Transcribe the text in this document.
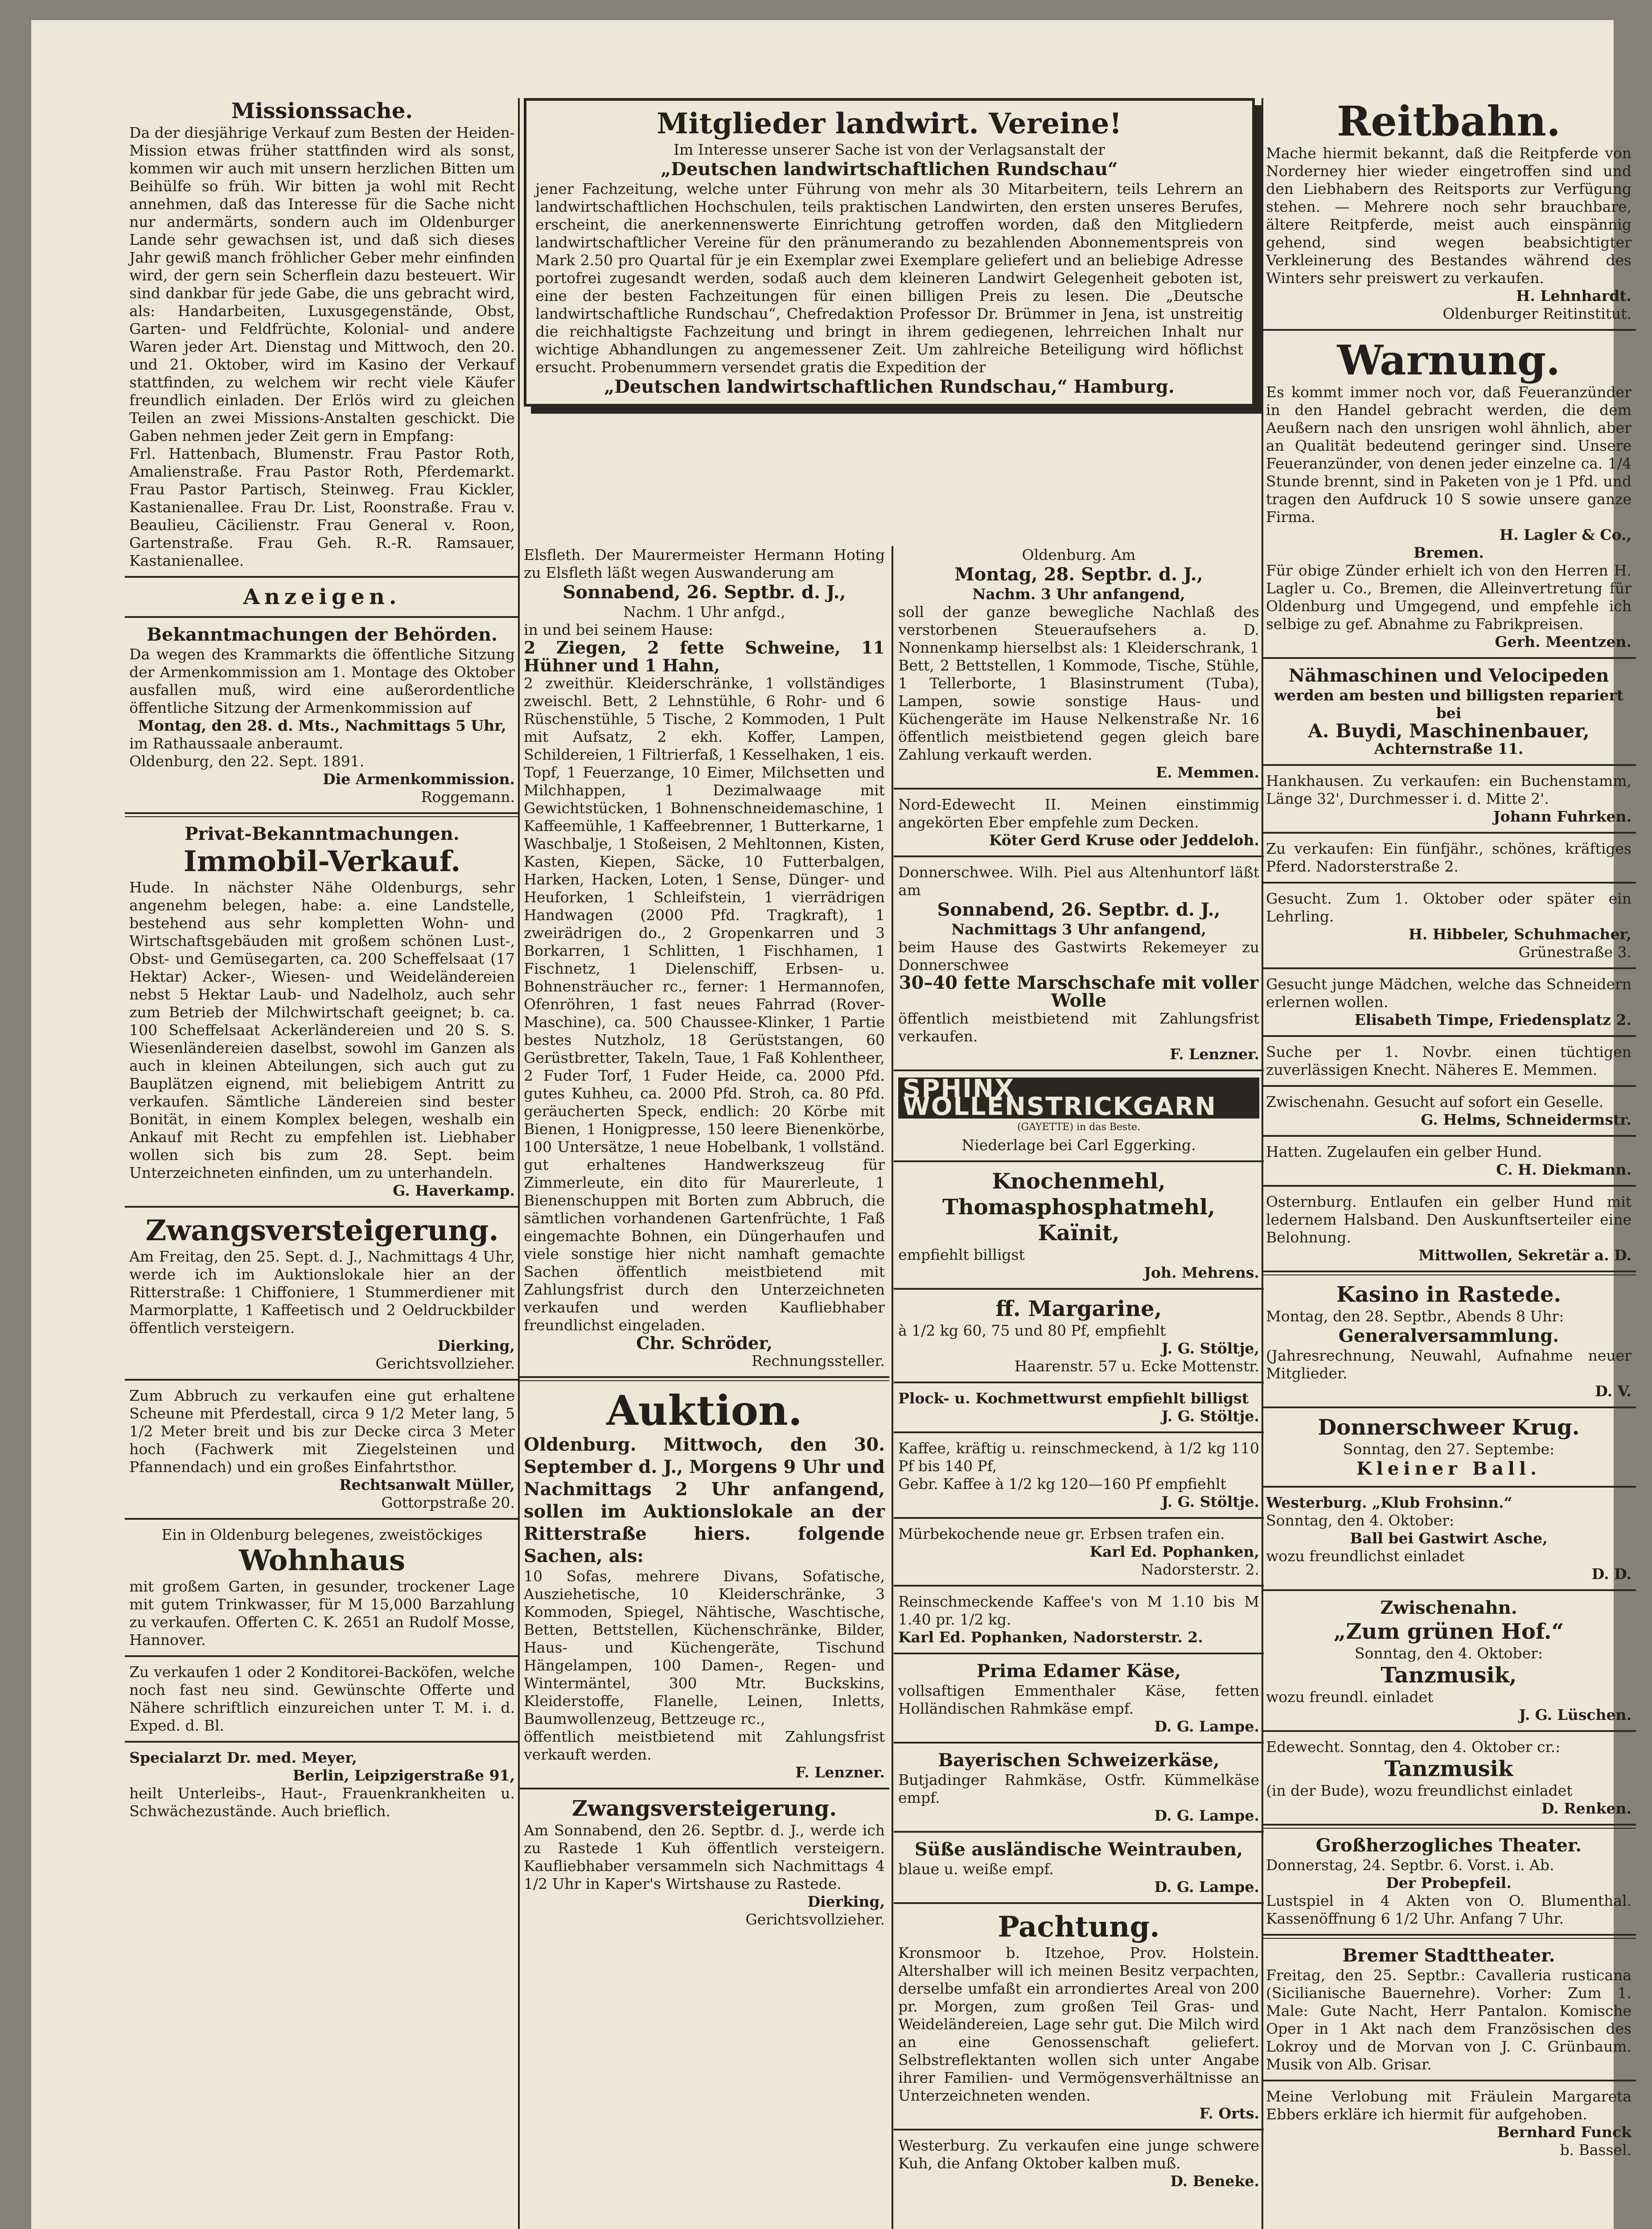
Missionssache.

Da der diesjährige Verkauf zum Besten der Heiden-Mission etwas früher stattfinden wird als sonst, kommen wir auch mit unsern herzlichen Bitten um Beihülfe so früh. Wir bitten ja wohl mit Recht annehmen, daß das Interesse für die Sache nicht nur andermärts, sondern auch im Oldenburger Lande sehr gewachsen ist, und daß sich dieses Jahr gewiß manch fröhlicher Geber mehr einfinden wird, der gern sein Scherflein dazu besteuert. Wir sind dankbar für jede Gabe, die uns gebracht wird, als: Handarbeiten, Luxusgegenstände, Obst, Garten- und Feldfrüchte, Kolonial- und andere Waren jeder Art. Dienstag und Mittwoch, den 20. und 21. Oktober, wird im Kasino der Verkauf stattfinden, zu welchem wir recht viele Käufer freundlich einladen. Der Erlös wird zu gleichen Teilen an zwei Missions-Anstalten geschickt. Die Gaben nehmen jeder Zeit gern in Empfang:

Frl. Hattenbach, Blumenstr. Frau Pastor Roth, Amalienstraße. Frau Pastor Roth, Pferdemarkt. Frau Pastor Partisch, Steinweg. Frau Kickler, Kastanienallee. Frau Dr. List, Roonstraße. Frau v. Beaulieu, Cäcilienstr. Frau General v. Roon, Gartenstraße. Frau Geh. R.-R. Ramsauer, Kastanienallee.

Anzeigen.
Bekanntmachungen der Behörden.

Da wegen des Krammarkts die öffentliche Sitzung der Armenkommission am 1. Montage des Oktober ausfallen muß, wird eine außerordentliche öffentliche Sitzung der Armenkommission auf

Montag, den 28. d. Mts., Nachmittags 5 Uhr,

im Rathaussaale anberaumt.

Oldenburg, den 22. Sept. 1891.

Die Armenkommission.

Roggemann.

Privat-Bekanntmachungen.
Immobil-Verkauf.

Hude. In nächster Nähe Oldenburgs, sehr angenehm belegen, habe: a. eine Landstelle, bestehend aus sehr kompletten Wohn- und Wirtschaftsgebäuden mit großem schönen Lust-, Obst- und Gemüsegarten, ca. 200 Scheffelsaat (17 Hektar) Acker-, Wiesen- und Weideländereien nebst 5 Hektar Laub- und Nadelholz, auch sehr zum Betrieb der Milchwirtschaft geeignet; b. ca. 100 Scheffelsaat Ackerländereien und 20 S. S. Wiesenländereien daselbst, sowohl im Ganzen als auch in kleinen Abteilungen, sich auch gut zu Bauplätzen eignend, mit beliebigem Antritt zu verkaufen. Sämtliche Ländereien sind bester Bonität, in einem Komplex belegen, weshalb ein Ankauf mit Recht zu empfehlen ist. Liebhaber wollen sich bis zum 28. Sept. beim Unterzeichneten einfinden, um zu unterhandeln.

G. Haverkamp.

Zwangsversteigerung.

Am Freitag, den 25. Sept. d. J., Nachmittags 4 Uhr, werde ich im Auktionslokale hier an der Ritterstraße: 1 Chiffoniere, 1 Stummerdiener mit Marmorplatte, 1 Kaffeetisch und 2 Oeldruckbilder öffentlich versteigern.

Dierking,

Gerichtsvollzieher.

Zum Abbruch zu verkaufen eine gut erhaltene Scheune mit Pferdestall, circa 9 1/2 Meter lang, 5 1/2 Meter breit und bis zur Decke circa 3 Meter hoch (Fachwerk mit Ziegelsteinen und Pfannendach) und ein großes Einfahrtsthor.

Rechtsanwalt Müller,

Gottorpstraße 20.

Ein in Oldenburg belegenes, zweistöckiges

Wohnhaus

mit großem Garten, in gesunder, trockener Lage mit gutem Trinkwasser, für M 15,000 Barzahlung zu verkaufen. Offerten C. K. 2651 an Rudolf Mosse, Hannover.

Zu verkaufen 1 oder 2 Konditorei-Backöfen, welche noch fast neu sind. Gewünschte Offerte und Nähere schriftlich einzureichen unter T. M. i. d. Exped. d. Bl.

Specialarzt Dr. med. Meyer,

Berlin, Leipzigerstraße 91,

heilt Unterleibs-, Haut-, Frauenkrankheiten u. Schwächezustände. Auch brieflich.

Mitglieder landwirt. Vereine!

Im Interesse unserer Sache ist von der Verlagsanstalt der

„Deutschen landwirtschaftlichen Rundschau“

jener Fachzeitung, welche unter Führung von mehr als 30 Mitarbeitern, teils Lehrern an landwirtschaftlichen Hochschulen, teils praktischen Landwirten, den ersten unseres Berufes, erscheint, die anerkennenswerte Einrichtung getroffen worden, daß den Mitgliedern landwirtschaftlicher Vereine für den pränumerando zu bezahlenden Abonnementspreis von Mark 2.50 pro Quartal für je ein Exemplar zwei Exemplare geliefert und an beliebige Adresse portofrei zugesandt werden, sodaß auch dem kleineren Landwirt Gelegenheit geboten ist, eine der besten Fachzeitungen für einen billigen Preis zu lesen. Die „Deutsche landwirtschaftliche Rundschau“, Chefredaktion Professor Dr. Brümmer in Jena, ist unstreitig die reichhaltigste Fachzeitung und bringt in ihrem gediegenen, lehrreichen Inhalt nur wichtige Abhandlungen zu angemessener Zeit. Um zahlreiche Beteiligung wird höflichst ersucht. Probenummern versendet gratis die Expedition der

„Deutschen landwirtschaftlichen Rundschau,“ Hamburg.

Elsfleth. Der Maurermeister Hermann Hoting zu Elsfleth läßt wegen Auswanderung am

Sonnabend, 26. Septbr. d. J.,

Nachm. 1 Uhr anfgd.,

in und bei seinem Hause:

2 Ziegen, 2 fette Schweine, 11 Hühner und 1 Hahn,

2 zweithür. Kleiderschränke, 1 vollständiges zweischl. Bett, 2 Lehnstühle, 6 Rohr- und 6 Rüschenstühle, 5 Tische, 2 Kommoden, 1 Pult mit Aufsatz, 2 ekh. Koffer, Lampen, Schildereien, 1 Filtrierfaß, 1 Kesselhaken, 1 eis. Topf, 1 Feuerzange, 10 Eimer, Milchsetten und Milchhappen, 1 Dezimalwaage mit Gewichtstücken, 1 Bohnenschneidemaschine, 1 Kaffeemühle, 1 Kaffeebrenner, 1 Butterkarne, 1 Waschbalje, 1 Stoßeisen, 2 Mehltonnen, Kisten, Kasten, Kiepen, Säcke, 10 Futterbalgen, Harken, Hacken, Loten, 1 Sense, Dünger- und Heuforken, 1 Schleifstein, 1 vierrädrigen Handwagen (2000 Pfd. Tragkraft), 1 zweirädrigen do., 2 Gropenkarren und 3 Borkarren, 1 Schlitten, 1 Fischhamen, 1 Fischnetz, 1 Dielenschiff, Erbsen- u. Bohnensträucher rc., ferner: 1 Hermannofen, Ofenröhren, 1 fast neues Fahrrad (Rover-Maschine), ca. 500 Chaussee-Klinker, 1 Partie bestes Nutzholz, 18 Gerüststangen, 60 Gerüstbretter, Takeln, Taue, 1 Faß Kohlentheer, 2 Fuder Torf, 1 Fuder Heide, ca. 2000 Pfd. gutes Kuhheu, ca. 2000 Pfd. Stroh, ca. 80 Pfd. geräucherten Speck, endlich: 20 Körbe mit Bienen, 1 Honigpresse, 150 leere Bienenkörbe, 100 Untersätze, 1 neue Hobelbank, 1 vollständ. gut erhaltenes Handwerkszeug für Zimmerleute, ein dito für Maurerleute, 1 Bienenschuppen mit Borten zum Abbruch, die sämtlichen vorhandenen Gartenfrüchte, 1 Faß eingemachte Bohnen, ein Düngerhaufen und viele sonstige hier nicht namhaft gemachte Sachen öffentlich meistbietend mit Zahlungsfrist durch den Unterzeichneten verkaufen und werden Kaufliebhaber freundlichst eingeladen.

Chr. Schröder,

Rechnungssteller.

Auktion.

Oldenburg. Mittwoch, den 30. September d. J., Morgens 9 Uhr und Nachmittags 2 Uhr anfangend, sollen im Auktionslokale an der Ritterstraße hiers. folgende Sachen, als:

10 Sofas, mehrere Divans, Sofatische, Ausziehetische, 10 Kleiderschränke, 3 Kommoden, Spiegel, Nähtische, Waschtische, Betten, Bettstellen, Küchenschränke, Bilder, Haus- und Küchengeräte, Tischund Hängelampen, 100 Damen-, Regen- und Wintermäntel, 300 Mtr. Buckskins, Kleiderstoffe, Flanelle, Leinen, Inletts, Baumwollenzeug, Bettzeuge rc.,

öffentlich meistbietend mit Zahlungsfrist verkauft werden.

F. Lenzner.

Zwangsversteigerung.

Am Sonnabend, den 26. Septbr. d. J., werde ich zu Rastede 1 Kuh öffentlich versteigern. Kaufliebhaber versammeln sich Nachmittags 4 1/2 Uhr in Kaper's Wirtshause zu Rastede.

Dierking,

Gerichtsvollzieher.

Oldenburg. Am

Montag, 28. Septbr. d. J.,

Nachm. 3 Uhr anfangend,

soll der ganze bewegliche Nachlaß des verstorbenen Steueraufsehers a. D. Nonnenkamp hierselbst als: 1 Kleiderschrank, 1 Bett, 2 Bettstellen, 1 Kommode, Tische, Stühle, 1 Tellerborte, 1 Blasinstrument (Tuba), Lampen, sowie sonstige Haus- und Küchengeräte im Hause Nelkenstraße Nr. 16 öffentlich meistbietend gegen gleich bare Zahlung verkauft werden.

E. Memmen.

Nord-Edewecht II. Meinen einstimmig angekörten Eber empfehle zum Decken.

Köter Gerd Kruse oder Jeddeloh.

Donnerschwee. Wilh. Piel aus Altenhuntorf läßt am

Sonnabend, 26. Septbr. d. J.,

Nachmittags 3 Uhr anfangend,

beim Hause des Gastwirts Rekemeyer zu Donnerschwee

30–40 fette Marschschafe mit voller Wolle

öffentlich meistbietend mit Zahlungsfrist verkaufen.

F. Lenzner.

SPHINX WOLLENSTRICKGARN

(GAYETTE) in das Beste.

Niederlage bei Carl Eggerking.

Knochenmehl, Thomasphosphatmehl, Kaïnit,

empfiehlt billigst

Joh. Mehrens.

ff. Margarine,

à 1/2 kg 60, 75 und 80 Pf, empfiehlt

J. G. Stöltje,

Haarenstr. 57 u. Ecke Mottenstr.

Plock- u. Kochmettwurst empfiehlt billigst

J. G. Stöltje.

Kaffee, kräftig u. reinschmeckend, à 1/2 kg 110 Pf bis 140 Pf,

Gebr. Kaffee à 1/2 kg 120—160 Pf empfiehlt

J. G. Stöltje.

Mürbekochende neue gr. Erbsen trafen ein.

Karl Ed. Pophanken,

Nadorsterstr. 2.

Reinschmeckende Kaffee's von M 1.10 bis M 1.40 pr. 1/2 kg.

Karl Ed. Pophanken, Nadorsterstr. 2.

Prima Edamer Käse,

vollsaftigen Emmenthaler Käse, fetten Holländischen Rahmkäse empf.

D. G. Lampe.

Bayerischen Schweizerkäse,

Butjadinger Rahmkäse, Ostfr. Kümmelkäse empf.

D. G. Lampe.

Süße ausländische Weintrauben,

blaue u. weiße empf.

D. G. Lampe.

Pachtung.

Kronsmoor b. Itzehoe, Prov. Holstein. Altershalber will ich meinen Besitz verpachten, derselbe umfaßt ein arrondiertes Areal von 200 pr. Morgen, zum großen Teil Gras- und Weideländereien, Lage sehr gut. Die Milch wird an eine Genossenschaft geliefert. Selbstreflektanten wollen sich unter Angabe ihrer Familien- und Vermögensverhältnisse an Unterzeichneten wenden.

F. Orts.

Westerburg. Zu verkaufen eine junge schwere Kuh, die Anfang Oktober kalben muß.

D. Beneke.

Reitbahn.

Mache hiermit bekannt, daß die Reitpferde von Norderney hier wieder eingetroffen sind und den Liebhabern des Reitsports zur Verfügung stehen. — Mehrere noch sehr brauchbare, ältere Reitpferde, meist auch einspännig gehend, sind wegen beabsichtigter Verkleinerung des Bestandes während des Winters sehr preiswert zu verkaufen.

H. Lehnhardt.

Oldenburger Reitinstitut.

Warnung.

Es kommt immer noch vor, daß Feueranzünder in den Handel gebracht werden, die dem Aeußern nach den unsrigen wohl ähnlich, aber an Qualität bedeutend geringer sind. Unsere Feueranzünder, von denen jeder einzelne ca. 1/4 Stunde brennt, sind in Paketen von je 1 Pfd. und tragen den Aufdruck 10 S sowie unsere ganze Firma.

H. Lagler & Co.,

Bremen.

Für obige Zünder erhielt ich von den Herren H. Lagler u. Co., Bremen, die Alleinvertretung für Oldenburg und Umgegend, und empfehle ich selbige zu gef. Abnahme zu Fabrikpreisen.

Gerh. Meentzen.

Nähmaschinen und Velocipeden

werden am besten und billigsten repariert bei

A. Buydi, Maschinenbauer,

Achternstraße 11.

Hankhausen. Zu verkaufen: ein Buchenstamm, Länge 32', Durchmesser i. d. Mitte 2'.

Johann Fuhrken.

Zu verkaufen: Ein fünfjähr., schönes, kräftiges Pferd. Nadorsterstraße 2.

Gesucht. Zum 1. Oktober oder später ein Lehrling.

H. Hibbeler, Schuhmacher,

Grünestraße 3.

Gesucht junge Mädchen, welche das Schneidern erlernen wollen.

Elisabeth Timpe, Friedensplatz 2.

Suche per 1. Novbr. einen tüchtigen zuverlässigen Knecht. Näheres E. Memmen.

Zwischenahn. Gesucht auf sofort ein Geselle.

G. Helms, Schneidermstr.

Hatten. Zugelaufen ein gelber Hund.

C. H. Diekmann.

Osternburg. Entlaufen ein gelber Hund mit ledernem Halsband. Den Auskunftserteiler eine Belohnung.

Mittwollen, Sekretär a. D.

Kasino in Rastede.

Montag, den 28. Septbr., Abends 8 Uhr:

Generalversammlung.

(Jahresrechnung, Neuwahl, Aufnahme neuer Mitglieder.

D. V.

Donnerschweer Krug.

Sonntag, den 27. Septembe:

Kleiner Ball.

Westerburg. „Klub Frohsinn.“

Sonntag, den 4. Oktober:

Ball bei Gastwirt Asche,

wozu freundlichst einladet

D. D.

Zwischenahn.
„Zum grünen Hof.“

Sonntag, den 4. Oktober:

Tanzmusik,

wozu freundl. einladet

J. G. Lüschen.

Edewecht. Sonntag, den 4. Oktober cr.:

Tanzmusik

(in der Bude), wozu freundlichst einladet

D. Renken.

Großherzogliches Theater.

Donnerstag, 24. Septbr. 6. Vorst. i. Ab.

Der Probepfeil.

Lustspiel in 4 Akten von O. Blumenthal. Kassenöffnung 6 1/2 Uhr. Anfang 7 Uhr.

Bremer Stadttheater.

Freitag, den 25. Septbr.: Cavalleria rusticana (Sicilianische Bauernehre). Vorher: Zum 1. Male: Gute Nacht, Herr Pantalon. Komische Oper in 1 Akt nach dem Französischen des Lokroy und de Morvan von J. C. Grünbaum. Musik von Alb. Grisar.

Meine Verlobung mit Fräulein Margareta Ebbers erkläre ich hiermit für aufgehoben.

Bernhard Funck

b. Bassel.
